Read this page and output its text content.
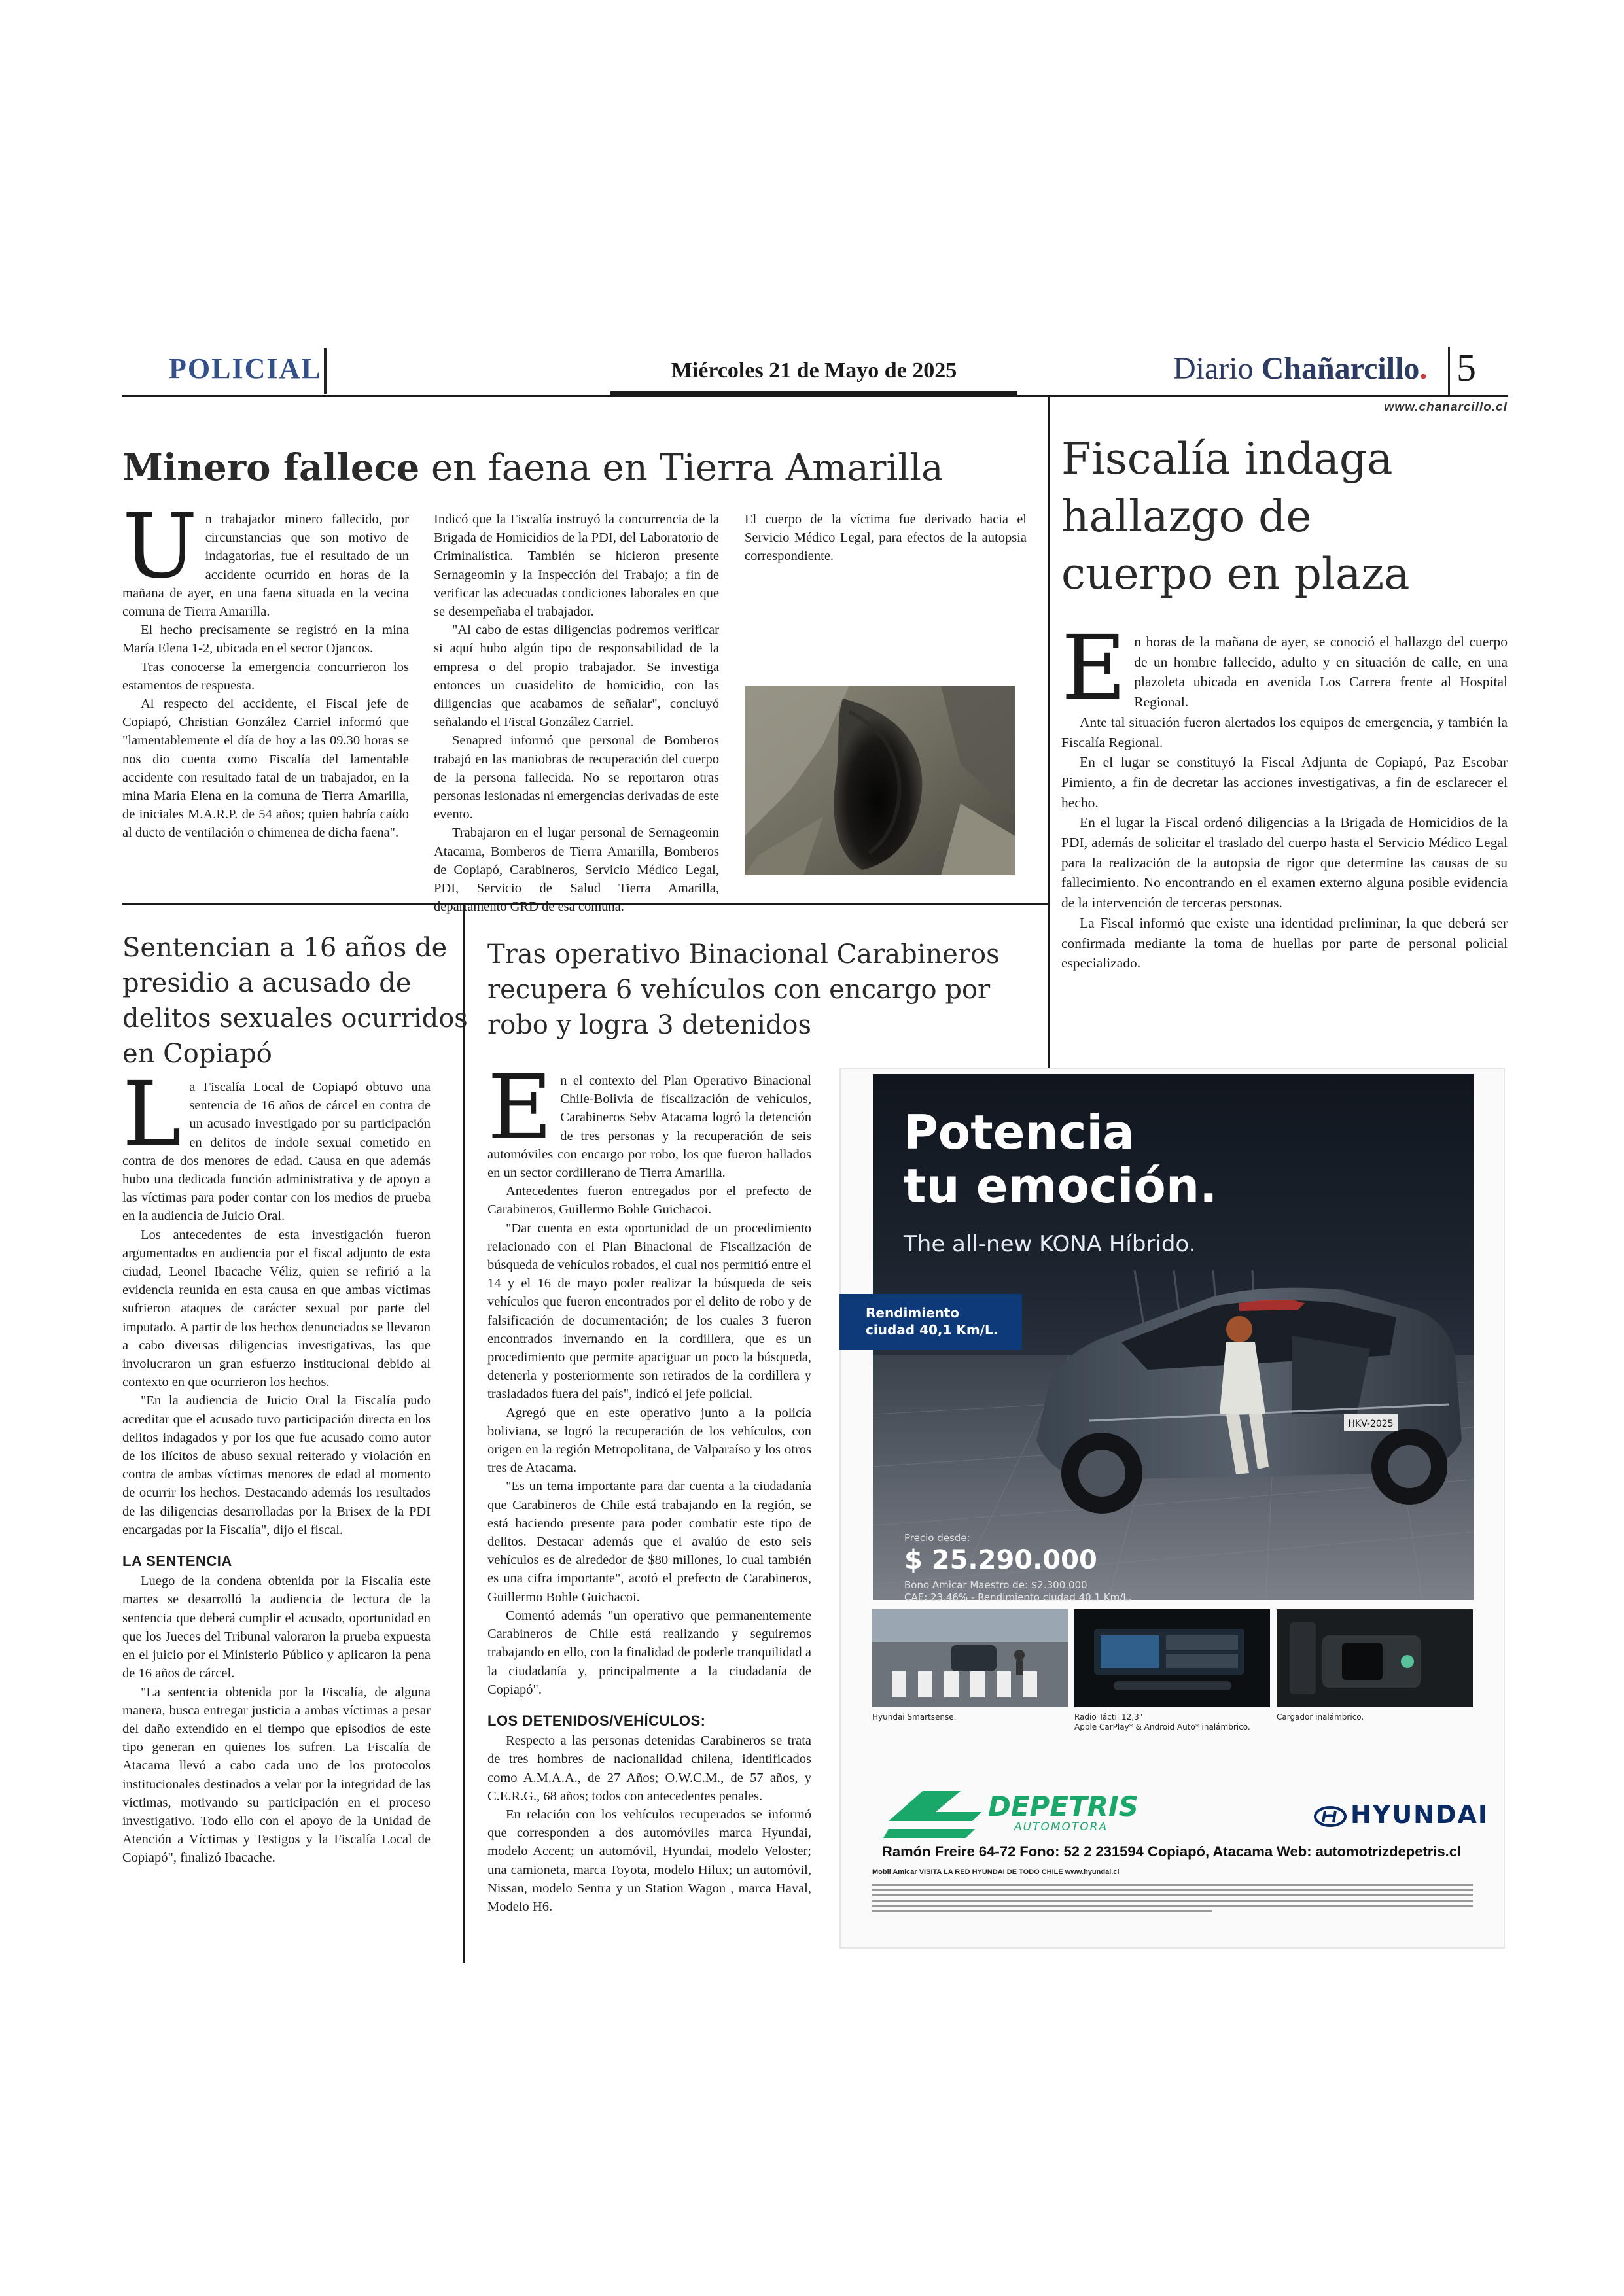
POLICIAL	Miércoles 21 de Mayo de 2025	Diario Chañarcillo. 5
www.chanarcillo.cl
Minero fallece en faena en Tierra Amarilla

Un trabajador minero fallecido, por circunstancias que son motivo de indagatorias, fue el resultado de un accidente ocurrido en horas de la mañana de ayer, en una faena situada en la vecina comuna de Tierra Amarilla.

El hecho precisamente se registró en la mina María Elena 1-2, ubicada en el sector Ojancos.

Tras conocerse la emergencia concurrieron los estamentos de respuesta.

Al respecto del accidente, el Fiscal jefe de Copiapó, Christian González Carriel informó que "lamentablemente el día de hoy a las 09.30 horas se nos dio cuenta como Fiscalía del lamentable accidente con resultado fatal de un trabajador, en la mina María Elena en la comuna de Tierra Amarilla, de iniciales M.A.R.P. de 54 años; quien habría caído al ducto de ventilación o chimenea de dicha faena".

Indicó que la Fiscalía instruyó la concurrencia de la Brigada de Homicidios de la PDI, del Laboratorio de Criminalística. También se hicieron presente Sernageomin y la Inspección del Trabajo; a fin de verificar las adecuadas condiciones laborales en que se desempeñaba el trabajador.

"Al cabo de estas diligencias podremos verificar si aquí hubo algún tipo de responsabilidad de la empresa o del propio trabajador. Se investiga entonces un cuasidelito de homicidio, con las diligencias que acabamos de señalar", concluyó señalando el Fiscal González Carriel.

Senapred informó que personal de Bomberos trabajó en las maniobras de recuperación del cuerpo de la persona fallecida. No se reportaron otras personas lesionadas ni emergencias derivadas de este evento.

Trabajaron en el lugar personal de Sernageomin Atacama, Bomberos de Tierra Amarilla, Bomberos de Copiapó, Carabineros, Servicio Médico Legal, PDI, Servicio de Salud Tierra Amarilla, departamento GRD de esa comuna.

El cuerpo de la víctima fue derivado hacia el Servicio Médico Legal, para efectos de la autopsia correspondiente.

Fiscalía indaga
hallazgo de
cuerpo en plaza

En horas de la mañana de ayer, se conoció el hallazgo del cuerpo de un hombre fallecido, adulto y en situación de calle, en una plazoleta ubicada en avenida Los Carrera frente al Hospital Regional.

Ante tal situación fueron alertados los equipos de emergencia, y también la Fiscalía Regional.

En el lugar se constituyó la Fiscal Adjunta de Copiapó, Paz Escobar Pimiento, a fin de decretar las acciones investigativas, a fin de esclarecer el hecho.

En el lugar la Fiscal ordenó diligencias a la Brigada de Homicidios de la PDI, además de solicitar el traslado del cuerpo hasta el Servicio Médico Legal para la realización de la autopsia de rigor que determine las causas de su fallecimiento. No encontrando en el examen externo alguna posible evidencia de la intervención de terceras personas.

La Fiscal informó que existe una identidad preliminar, la que deberá ser confirmada mediante la toma de huellas por parte de personal policial especializado.

Sentencian a 16 años de
presidio a acusado de
delitos sexuales ocurridos
en Copiapó

La Fiscalía Local de Copiapó obtuvo una sentencia de 16 años de cárcel en contra de un acusado investigado por su participación en delitos de índole sexual cometido en contra de dos menores de edad. Causa en que además hubo una dedicada función administrativa y de apoyo a las víctimas para poder contar con los medios de prueba en la audiencia de Juicio Oral.

Los antecedentes de esta investigación fueron argumentados en audiencia por el fiscal adjunto de esta ciudad, Leonel Ibacache Véliz, quien se refirió a la evidencia reunida en esta causa en que ambas víctimas sufrieron ataques de carácter sexual por parte del imputado. A partir de los hechos denunciados se llevaron a cabo diversas diligencias investigativas, las que involucraron un gran esfuerzo institucional debido al contexto en que ocurrieron los hechos.

"En la audiencia de Juicio Oral la Fiscalía pudo acreditar que el acusado tuvo participación directa en los delitos indagados y por los que fue acusado como autor de los ilícitos de abuso sexual reiterado y violación en contra de ambas víctimas menores de edad al momento de ocurrir los hechos. Destacando además los resultados de las diligencias desarrolladas por la Brisex de la PDI encargadas por la Fiscalía", dijo el fiscal.

LA SENTENCIA

Luego de la condena obtenida por la Fiscalía este martes se desarrolló la audiencia de lectura de la sentencia que deberá cumplir el acusado, oportunidad en que los Jueces del Tribunal valoraron la prueba expuesta en el juicio por el Ministerio Público y aplicaron la pena de 16 años de cárcel.

"La sentencia obtenida por la Fiscalía, de alguna manera, busca entregar justicia a ambas víctimas a pesar del daño extendido en el tiempo que episodios de este tipo generan en quienes los sufren. La Fiscalía de Atacama llevó a cabo cada uno de los protocolos institucionales destinados a velar por la integridad de las víctimas, motivando su participación en el proceso investigativo. Todo ello con el apoyo de la Unidad de Atención a Víctimas y Testigos y la Fiscalía Local de Copiapó", finalizó Ibacache.

Tras operativo Binacional Carabineros
recupera 6 vehículos con encargo por
robo y logra 3 detenidos

En el contexto del Plan Operativo Binacional Chile-Bolivia de fiscalización de vehículos, Carabineros Sebv Atacama logró la detención de tres personas y la recuperación de seis automóviles con encargo por robo, los que fueron hallados en un sector cordillerano de Tierra Amarilla.

Antecedentes fueron entregados por el prefecto de Carabineros, Guillermo Bohle Guichacoi.

"Dar cuenta en esta oportunidad de un procedimiento relacionado con el Plan Binacional de Fiscalización de búsqueda de vehículos robados, el cual nos permitió entre el 14 y el 16 de mayo poder realizar la búsqueda de seis vehículos que fueron encontrados por el delito de robo y de falsificación de documentación; de los cuales 3 fueron encontrados invernando en la cordillera, que es un procedimiento que permite apaciguar un poco la búsqueda, detenerla y posteriormente son retirados de la cordillera y trasladados fuera del país", indicó el jefe policial.

Agregó que en este operativo junto a la policía boliviana, se logró la recuperación de los vehículos, con origen en la región Metropolitana, de Valparaíso y los otros tres de Atacama.

"Es un tema importante para dar cuenta a la ciudadanía que Carabineros de Chile está trabajando en la región, se está haciendo presente para poder combatir este tipo de delitos. Destacar además que el avalúo de esto seis vehículos es de alrededor de $80 millones, lo cual también es una cifra importante", acotó el prefecto de Carabineros, Guillermo Bohle Guichacoi.

Comentó además "un operativo que permanentemente Carabineros de Chile está realizando y seguiremos trabajando en ello, con la finalidad de poderle tranquilidad a la ciudadanía y, principalmente a la ciudadanía de Copiapó".

LOS DETENIDOS/VEHÍCULOS:

Respecto a las personas detenidas Carabineros se trata de tres hombres de nacionalidad chilena, identificados como A.M.A.A., de 27 Años; O.W.C.M., de 57 años, y C.E.R.G., 68 años; todos con antecedentes penales.

En relación con los vehículos recuperados se informó que corresponden a dos automóviles marca Hyundai, modelo Accent; un automóvil, Hyundai, modelo Veloster; una camioneta, marca Toyota, modelo Hilux; un automóvil, Nissan, modelo Sentra y un Station Wagon , marca Haval, Modelo H6.

HKV-2025
Potencia
tu emoción.
The all-new KONA Híbrido.
Rendimiento
ciudad 40,1 Km/L.
Precio desde:
$ 25.290.000
Bono Amicar Maestro de: $2.300.000
CAE: 23,46% - Rendimiento ciudad 40,1 Km/L.
Hyundai Smartsense.	Radio Táctil 12,3"
Apple CarPlay* & Android Auto* inalámbrico.
Cargador inalámbrico.
DEPETRIS
AUTOMOTORA	HYUNDAI
Ramón Freire 64-72 Fono: 52 2 231594 Copiapó, Atacama Web: automotrizdepetris.cl
Mobil Amicar VISITA LA RED HYUNDAI DE TODO CHILE www.hyundai.cl
